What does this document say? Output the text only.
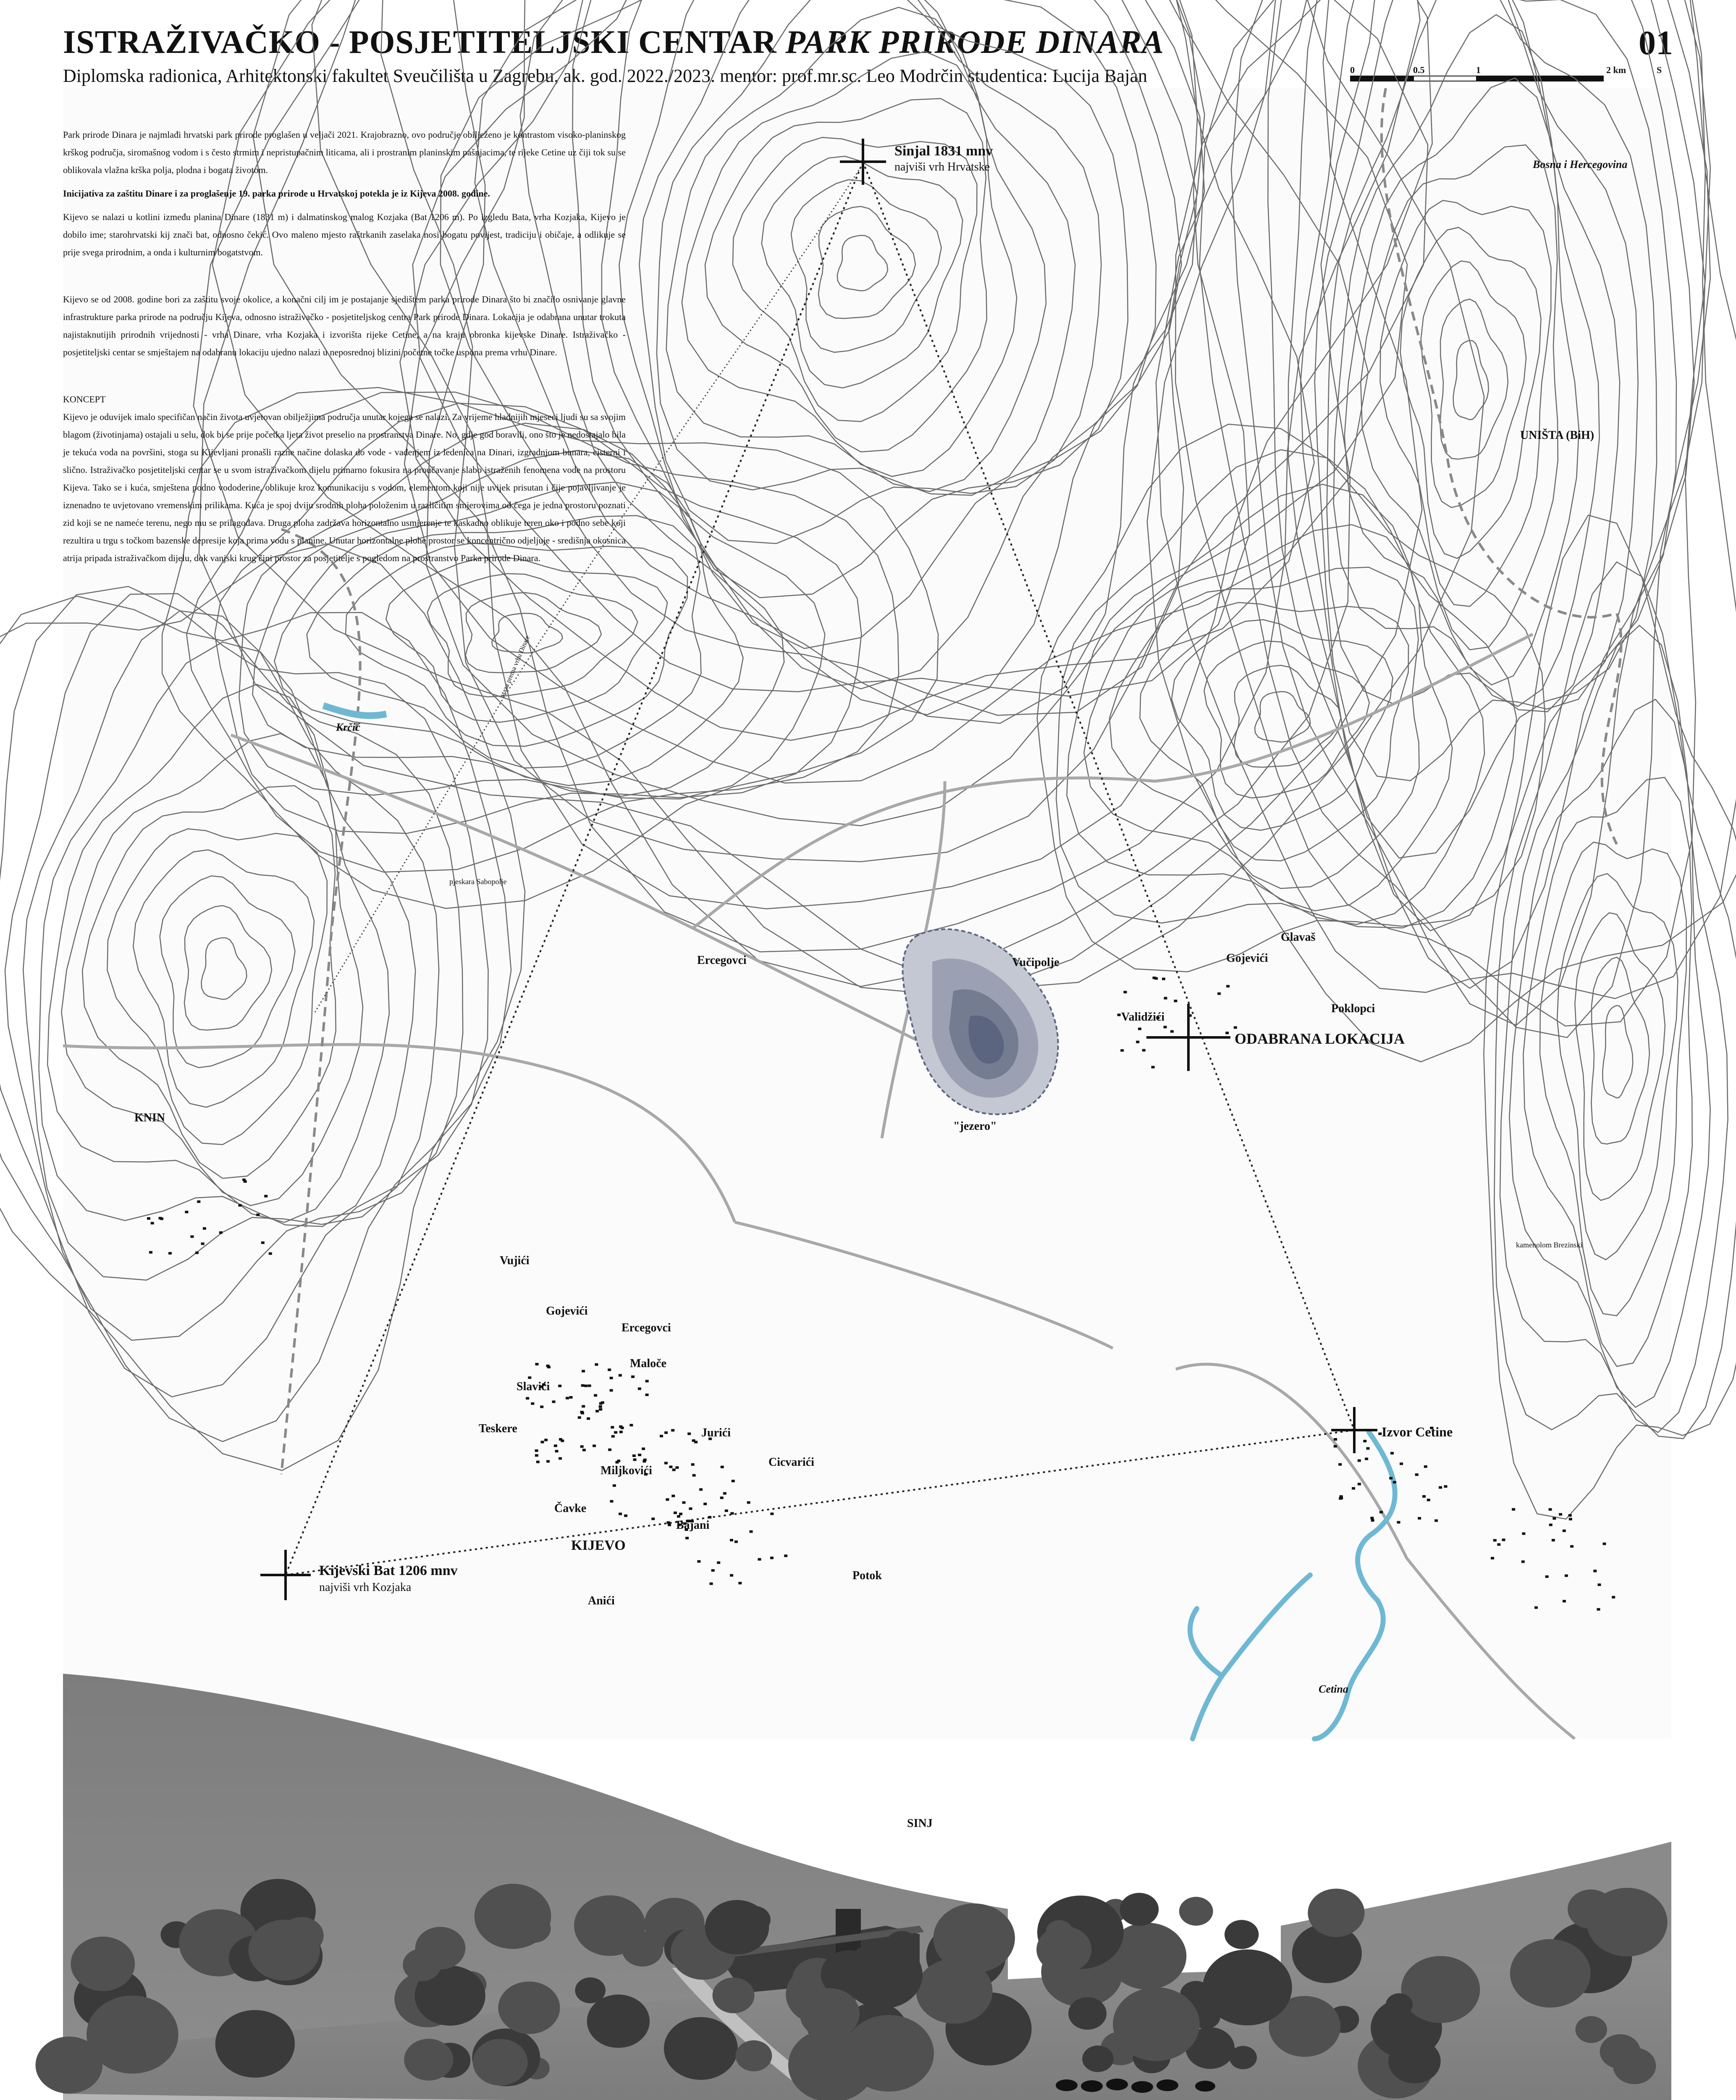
ISTRAŽIVAČKO - POSJETITELJSKI CENTAR PARK PRIRODE DINARA	01
Diplomska radionica, Arhitektonski fakultet Sveučilišta u Zagrebu, ak. god. 2022./2023. mentor: prof.mr.sc. Leo Modrčin studentica: Lucija Bajan	0	0.5	1	2 km	S
Sinjal 1831 mnv
najviši vrh Hrvatske	Bosna i Hercegovina
UNIŠTA (BiH)
Krčić
pjeskara Sabopolje
Ercegovci	Vučipolje	Gojevići
Glavaš
Validžići
Poklopci
ODABRANA LOKACIJA
"jezero"
KNIN
kamenolom Brezinski
Vujići
Gojevići
Ercegovci
Maloče
Slavići
Teskere	Jurići
Miljkovići
Cicvarići
Čavke
Bajani
KIJEVO
Potok
Anići
Izvor Cetine
Cetina
Kijevski Bat 1206 mnv
najviši vrh Kozjaka
SINJ
staza prema vrhu Dinare
Park prirode Dinara je najmlađi hrvatski park prirode proglašen u veljači 2021. Krajobrazno, ovo područje obilježeno je kontrastom visoko-planinskog krškog područja, siromašnog vodom i s često strmim i nepristupačnim liticama, ali i prostranim planinskim pašnjacima, te rijeke Cetine uz čiji tok su se oblikovala vlažna krška polja, plodna i bogata životom.
Inicijativa za zaštitu Dinare i za proglašenje 19. parka prirode u Hrvatskoj potekla je iz Kijeva 2008. godine.
Kijevo se nalazi u kotlini između planina Dinare (1831 m) i dalmatinskog malog Kozjaka (Bat 1206 m). Po izgledu Bata, vrha Kozjaka, Kijevo je dobilo ime; starohrvatski kij znači bat, odnosno čekić. Ovo maleno mjesto raštrkanih zaselaka nosi bogatu povijest, tradiciju i običaje, a odlikuje se prije svega prirodnim, a onda i kulturnim bogatstvom.
Kijevo se od 2008. godine bori za zaštitu svoje okolice, a konačni cilj im je postajanje sjedištem parka prirode Dinara što bi značilo osnivanje glavne infrastrukture parka prirode na području Kijeva, odnosno istraživačko - posjetiteljskog centra Park prirode Dinara. Lokacija je odabrana unutar trokuta najistaknutijih prirodnih vrijednosti - vrha Dinare, vrha Kozjaka i izvorišta rijeke Cetine, a na kraju obronka kijevske Dinare. Istraživačko - posjetiteljski centar se smještajem na odabranu lokaciju ujedno nalazi u neposrednoj blizini početne točke uspona prema vrhu Dinare.
KONCEPT
Kijevo je oduvijek imalo specifičan način života uvjetovan obilježjima područja unutar kojega se nalazi. Za vrijeme hladnijih mjeseci ljudi su sa svojim blagom (životinjama) ostajali u selu, dok bi se prije početka ljeta život preselio na prostranstva Dinare. No, gdje god boravili, ono što je nedostajalo bila je tekuća voda na površini, stoga su Kijevljani pronašli razne načine dolaska do vode - vađenjem iz ledenica na Dinari, izgradnjom bunara, cisterni i slično. Istraživačko posjetiteljski centar se u svom istraživačkom dijelu primarno fokusira na proučavanje slabo istraženih fenomena vode na prostoru Kijeva. Tako se i kuća, smještena podno vododerine, oblikuje kroz komunikaciju s vodom, elementom koji nije uvijek prisutan i čije pojavljivanje je iznenadno te uvjetovano vremenskim prilikama. Kuća je spoj dviju srodnih ploha položenim u različitim smjerovima od čega je jedna prostoru poznati zid koji se ne nameće terenu, nego mu se prilagođava. Druga ploha zadržava horizontalno usmjerenje te kaskadno oblikuje teren oko i podno sebe koji rezultira u trgu s točkom bazenske depresije koja prima vodu s planine. Unutar horizontalne plohe prostor se koncentrično odjeljuje - središnja okosnica atrija pripada istraživačkom dijelu, dok vanjski krug čini prostor za posjetitelje s pogledom na prostranstvo Parka prirode Dinara.
